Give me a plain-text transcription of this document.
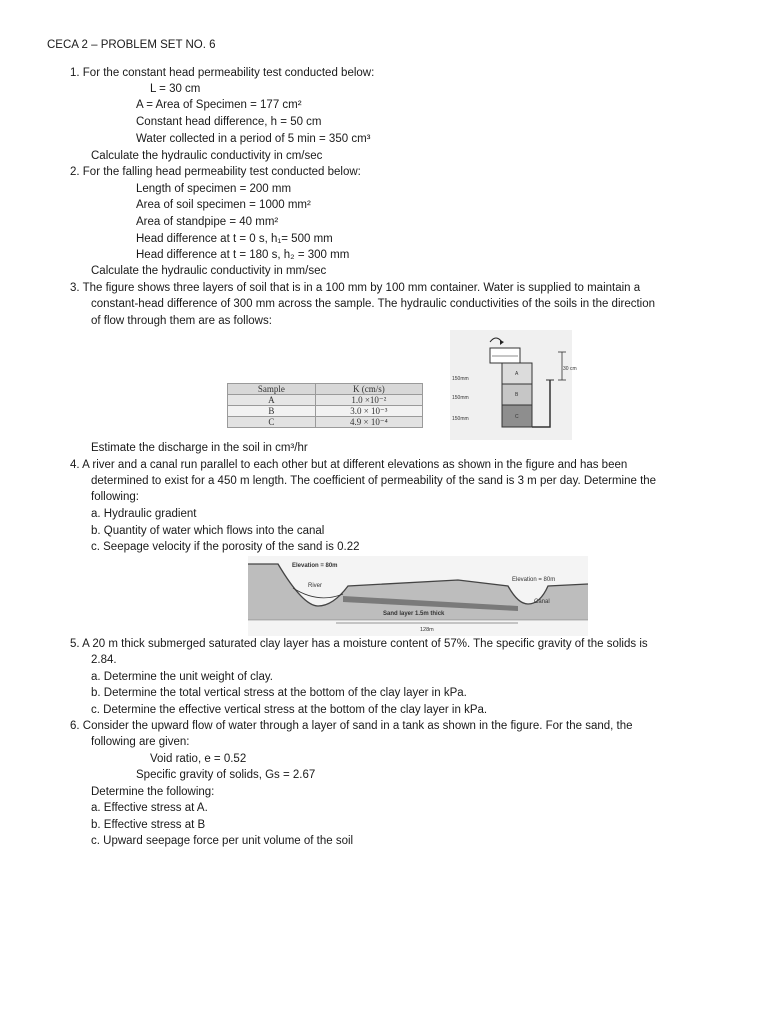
CECA 2 – PROBLEM SET NO. 6
1. For the constant head permeability test conducted below:
L = 30 cm
A = Area of Specimen = 177 cm²
Constant head difference, h = 50 cm
Water collected in a period of 5 min = 350 cm³
Calculate the hydraulic conductivity in cm/sec
2. For the falling head permeability test conducted below:
Length of specimen = 200 mm
Area of soil specimen = 1000 mm²
Area of standpipe = 40 mm²
Head difference at t = 0 s, h₁= 500 mm
Head difference at t = 180 s, h₂ = 300 mm
Calculate the hydraulic conductivity in mm/sec
3. The figure shows three layers of soil that is in a 100 mm by 100 mm container. Water is supplied to maintain a
constant-head difference of 300 mm across the sample. The hydraulic conductivities of the soils in the direction
of flow through them are as follows:
Sample	K (cm/s)
A	1.0 ×10⁻²
B	3.0 × 10⁻³
C	4.9 × 10⁻⁴
150mm
150mm
150mm
30 cm
A
B
C
Estimate the discharge in the soil in cm³/hr
4. A river and a canal run parallel to each other but at different elevations as shown in the figure and has been
determined to exist for a 450 m length. The coefficient of permeability of the sand is 3 m per day. Determine the
following:
a. Hydraulic gradient
b. Quantity of water which flows into the canal
c. Seepage velocity if the porosity of the sand is 0.22
Elevation = 80m
Elevation = 80m
River
Canal
Sand layer 1.5m thick
128m
5. A 20 m thick submerged saturated clay layer has a moisture content of 57%. The specific gravity of the solids is
2.84.
a. Determine the unit weight of clay.
b. Determine the total vertical stress at the bottom of the clay layer in kPa.
c. Determine the effective vertical stress at the bottom of the clay layer in kPa.
6. Consider the upward flow of water through a layer of sand in a tank as shown in the figure. For the sand, the
following are given:
Void ratio, e = 0.52
Specific gravity of solids, Gs = 2.67
Determine the following:
a. Effective stress at A.
b. Effective stress at B
c. Upward seepage force per unit volume of the soil
